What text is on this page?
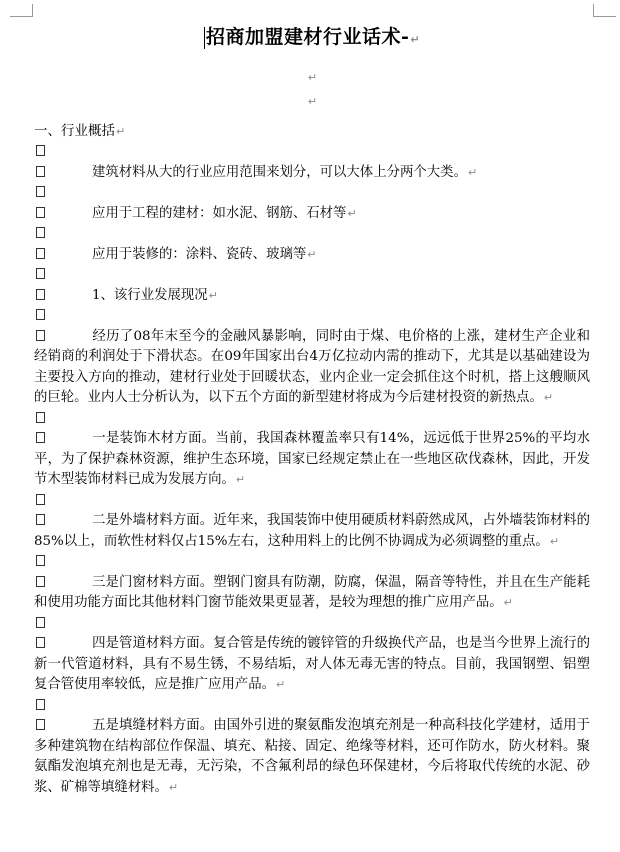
招商加盟建材行业话术-↵
↵
↵
一、行业概括↵
建筑材料从大的行业应用范围来划分，可以大体上分两个大类。↵
应用于工程的建材：如水泥、钢筋、石材等↵
应用于装修的：涂料、瓷砖、玻璃等↵
1、该行业发展现况↵
经历了08年末至今的金融风暴影响，同时由于煤、电价格的上涨，建材生产企业和经销商的利润处于下滑状态。在09年国家出台4万亿拉动内需的推动下，尤其是以基础建设为主要投入方向的推动，建材行业处于回暖状态，业内企业一定会抓住这个时机，搭上这艘顺风的巨轮。业内人士分析认为，以下五个方面的新型建材将成为今后建材投资的新热点。↵
一是装饰木材方面。当前，我国森林覆盖率只有14%，远远低于世界25%的平均水平，为了保护森林资源，维护生态环境，国家已经规定禁止在一些地区砍伐森林，因此，开发节木型装饰材料已成为发展方向。↵
二是外墙材料方面。近年来，我国装饰中使用硬质材料蔚然成风，占外墙装饰材料的85%以上，而软性材料仅占15%左右，这种用料上的比例不协调成为必须调整的重点。↵
三是门窗材料方面。塑钢门窗具有防潮，防腐，保温，隔音等特性，并且在生产能耗和使用功能方面比其他材料门窗节能效果更显著，是较为理想的推广应用产品。↵
四是管道材料方面。复合管是传统的镀锌管的升级换代产品，也是当今世界上流行的新一代管道材料，具有不易生锈，不易结垢，对人体无毒无害的特点。目前，我国钢塑、铝塑复合管使用率较低，应是推广应用产品。↵
五是填缝材料方面。由国外引进的聚氨酯发泡填充剂是一种高科技化学建材，适用于多种建筑物在结构部位作保温、填充、粘接、固定、绝缘等材料，还可作防水，防火材料。聚氨酯发泡填充剂也是无毒，无污染，不含氟利昂的绿色环保建材，今后将取代传统的水泥、砂浆、矿棉等填缝材料。↵
